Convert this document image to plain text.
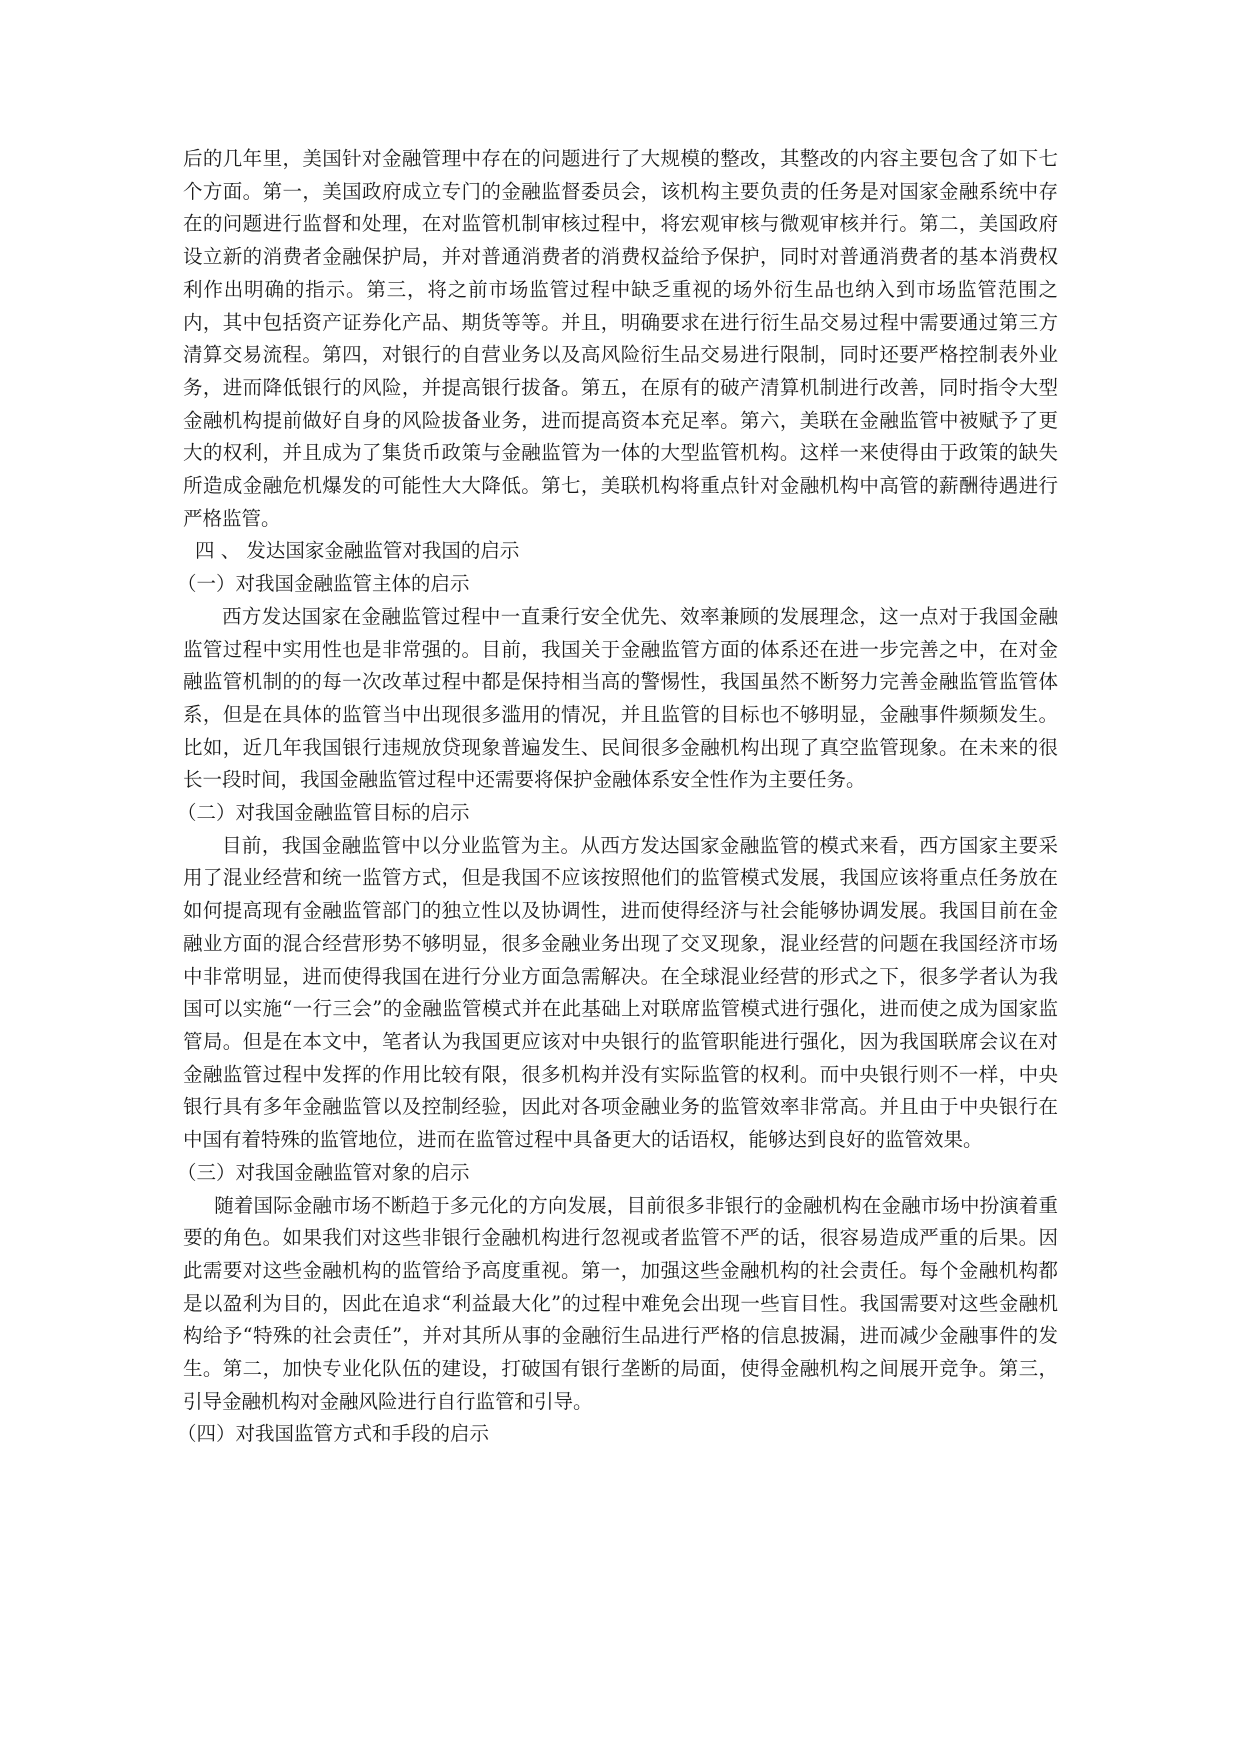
后的几年里，美国针对金融管理中存在的问题进行了大规模的整改，其整改的内容主要包含了如下七个方面。第一，美国政府成立专门的金融监督委员会，该机构主要负责的任务是对国家金融系统中存在的问题进行监督和处理，在对监管机制审核过程中，将宏观审核与微观审核并行。第二，美国政府设立新的消费者金融保护局，并对普通消费者的消费权益给予保护，同时对普通消费者的基本消费权利作出明确的指示。第三，将之前市场监管过程中缺乏重视的场外衍生品也纳入到市场监管范围之内，其中包括资产证券化产品、期货等等。并且，明确要求在进行衍生品交易过程中需要通过第三方清算交易流程。第四，对银行的自营业务以及高风险衍生品交易进行限制，同时还要严格控制表外业务，进而降低银行的风险，并提高银行拔备。第五，在原有的破产清算机制进行改善，同时指令大型金融机构提前做好自身的风险拔备业务，进而提高资本充足率。第六，美联在金融监管中被赋予了更大的权利，并且成为了集货币政策与金融监管为一体的大型监管机构。这样一来使得由于政策的缺失所造成金融危机爆发的可能性大大降低。第七，美联机构将重点针对金融机构中高管的薪酬待遇进行严格监管。

四 、 发达国家金融监管对我国的启示

（一）对我国金融监管主体的启示

西方发达国家在金融监管过程中一直秉行安全优先、效率兼顾的发展理念，这一点对于我国金融监管过程中实用性也是非常强的。目前，我国关于金融监管方面的体系还在进一步完善之中，在对金融监管机制的的每一次改革过程中都是保持相当高的警惕性，我国虽然不断努力完善金融监管监管体系，但是在具体的监管当中出现很多滥用的情况，并且监管的目标也不够明显，金融事件频频发生。比如，近几年我国银行违规放贷现象普遍发生、民间很多金融机构出现了真空监管现象。在未来的很长一段时间，我国金融监管过程中还需要将保护金融体系安全性作为主要任务。

（二）对我国金融监管目标的启示

目前，我国金融监管中以分业监管为主。从西方发达国家金融监管的模式来看，西方国家主要采用了混业经营和统一监管方式，但是我国不应该按照他们的监管模式发展，我国应该将重点任务放在如何提高现有金融监管部门的独立性以及协调性，进而使得经济与社会能够协调发展。我国目前在金融业方面的混合经营形势不够明显，很多金融业务出现了交叉现象，混业经营的问题在我国经济市场中非常明显，进而使得我国在进行分业方面急需解决。在全球混业经营的形式之下，很多学者认为我国可以实施“一行三会”的金融监管模式并在此基础上对联席监管模式进行强化，进而使之成为国家监管局。但是在本文中，笔者认为我国更应该对中央银行的监管职能进行强化，因为我国联席会议在对金融监管过程中发挥的作用比较有限，很多机构并没有实际监管的权利。而中央银行则不一样，中央银行具有多年金融监管以及控制经验，因此对各项金融业务的监管效率非常高。并且由于中央银行在中国有着特殊的监管地位，进而在监管过程中具备更大的话语权，能够达到良好的监管效果。

（三）对我国金融监管对象的启示

随着国际金融市场不断趋于多元化的方向发展，目前很多非银行的金融机构在金融市场中扮演着重要的角色。如果我们对这些非银行金融机构进行忽视或者监管不严的话，很容易造成严重的后果。因此需要对这些金融机构的监管给予高度重视。第一，加强这些金融机构的社会责任。每个金融机构都是以盈利为目的，因此在追求“利益最大化”的过程中难免会出现一些盲目性。我国需要对这些金融机构给予“特殊的社会责任”，并对其所从事的金融衍生品进行严格的信息披漏，进而减少金融事件的发生。第二，加快专业化队伍的建设，打破国有银行垄断的局面，使得金融机构之间展开竞争。第三，引导金融机构对金融风险进行自行监管和引导。

（四）对我国监管方式和手段的启示
